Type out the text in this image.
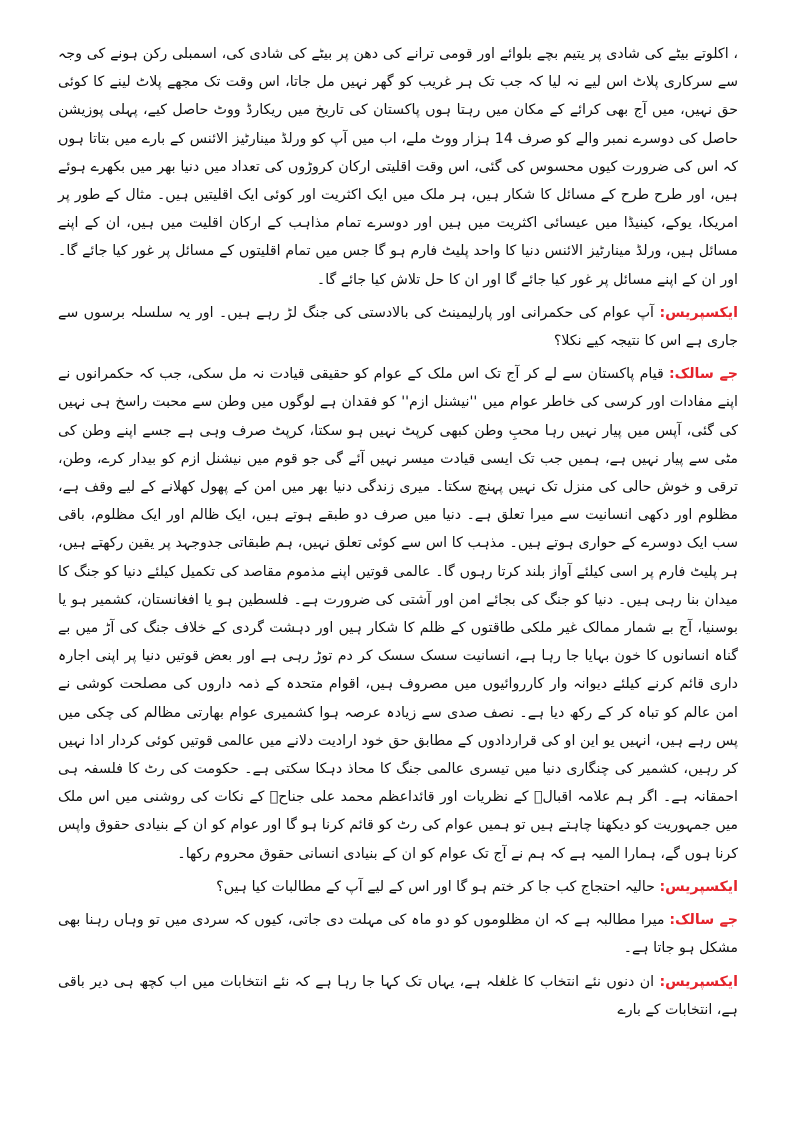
، اکلوتے بیٹے کی شادی پر یتیم بچے بلوائے اور قومی ترانے کی دھن پر بیٹے کی شادی کی، اسمبلی رکن ہونے کی وجہ سے سرکاری پلاٹ اس لیے نہ لیا کہ جب تک ہر غریب کو گھر نہیں مل جاتا، اس وقت تک مجھے پلاٹ لینے کا کوئی حق نہیں، میں آج بھی کرائے کے مکان میں رہتا ہوں پاکستان کی تاریخ میں ریکارڈ ووٹ حاصل کیے، پہلی پوزیشن حاصل کی دوسرے نمبر والے کو صرف 14 ہزار ووٹ ملے، اب میں آپ کو ورلڈ مینارٹیز الائنس کے بارے میں بتاتا ہوں کہ اس کی ضرورت کیوں محسوس کی گئی، اس وقت اقلیتی ارکان کروڑوں کی تعداد میں دنیا بھر میں بکھرے ہوئے ہیں، اور طرح طرح کے مسائل کا شکار ہیں، ہر ملک میں ایک اکثریت اور کوئی ایک اقلیتیں ہیں۔ مثال کے طور پر امریکا، یوکے، کینیڈا میں عیسائی اکثریت میں ہیں اور دوسرے تمام مذاہب کے ارکان اقلیت میں ہیں، ان کے اپنے مسائل ہیں، ورلڈ مینارٹیز الائنس دنیا کا واحد پلیٹ فارم ہو گا جس میں تمام اقلیتوں کے مسائل پر غور کیا جائے گا۔ اور ان کے اپنے مسائل پر غور کیا جائے گا اور ان کا حل تلاش کیا جائے گا۔

ایکسپریس: آپ عوام کی حکمرانی اور پارلیمینٹ کی بالادستی کی جنگ لڑ رہے ہیں۔ اور یہ سلسلہ برسوں سے جاری ہے اس کا نتیجہ کیے نکلا؟

جے سالک: قیام پاکستان سے لے کر آج تک اس ملک کے عوام کو حقیقی قیادت نہ مل سکی، جب کہ حکمرانوں نے اپنے مفادات اور کرسی کی خاطر عوام میں ''نیشنل ازم'' کو فقدان ہے لوگوں میں وطن سے محبت راسخ ہی نہیں کی گئی، آپس میں پیار نہیں رہا محبِ وطن کبھی کرپٹ نہیں ہو سکتا، کرپٹ صرف وہی ہے جسے اپنے وطن کی مٹی سے پیار نہیں ہے، ہمیں جب تک ایسی قیادت میسر نہیں آئے گی جو قوم میں نیشنل ازم کو بیدار کرے، وطن، ترقی و خوش حالی کی منزل تک نہیں پہنچ سکتا۔ میری زندگی دنیا بھر میں امن کے پھول کھلانے کے لیے وقف ہے، مظلوم اور دکھی انسانیت سے میرا تعلق ہے۔ دنیا میں صرف دو طبقے ہوتے ہیں، ایک ظالم اور ایک مظلوم، باقی سب ایک دوسرے کے حواری ہوتے ہیں۔ مذہب کا اس سے کوئی تعلق نہیں، ہم طبقاتی جدوجہد پر یقین رکھتے ہیں، ہر پلیٹ فارم پر اسی کیلئے آواز بلند کرتا رہوں گا۔ عالمی قوتیں اپنے مذموم مقاصد کی تکمیل کیلئے دنیا کو جنگ کا میدان بنا رہی ہیں۔ دنیا کو جنگ کی بجائے امن اور آشتی کی ضرورت ہے۔ فلسطین ہو یا افغانستان، کشمیر ہو یا بوسنیا، آج بے شمار ممالک غیر ملکی طاقتوں کے ظلم کا شکار ہیں اور دہشت گردی کے خلاف جنگ کی آڑ میں بے گناہ انسانوں کا خون بہایا جا رہا ہے، انسانیت سسک سسک کر دم توڑ رہی ہے اور بعض قوتیں دنیا پر اپنی اجارہ داری قائم کرنے کیلئے دیوانہ وار کارروائیوں میں مصروف ہیں، اقوام متحدہ کے ذمہ داروں کی مصلحت کوشی نے امن عالم کو تباہ کر کے رکھ دیا ہے۔ نصف صدی سے زیادہ عرصہ ہوا کشمیری عوام بھارتی مظالم کی چکی میں پس رہے ہیں، انہیں یو این او کی قراردادوں کے مطابق حق خود ارادیت دلانے میں عالمی قوتیں کوئی کردار ادا نہیں کر رہیں، کشمیر کی چنگاری دنیا میں تیسری عالمی جنگ کا محاذ دہکا سکتی ہے۔ حکومت کی رٹ کا فلسفہ ہی احمقانہ ہے۔ اگر ہم علامہ اقبالؒ کے نظریات اور قائداعظم محمد علی جناحؒ کے نکات کی روشنی میں اس ملک میں جمہوریت کو دیکھنا چاہتے ہیں تو ہمیں عوام کی رٹ کو قائم کرنا ہو گا اور عوام کو ان کے بنیادی حقوق واپس کرنا ہوں گے، ہمارا المیہ ہے کہ ہم نے آج تک عوام کو ان کے بنیادی انسانی حقوق محروم رکھا۔

ایکسپریس: حالیہ احتجاج کب جا کر ختم ہو گا اور اس کے لیے آپ کے مطالبات کیا ہیں؟

جے سالک: میرا مطالبہ ہے کہ ان مظلوموں کو دو ماہ کی مہلت دی جاتی، کیوں کہ سردی میں تو وہاں رہنا بھی مشکل ہو جاتا ہے۔

ایکسپریس: ان دنوں نئے انتخاب کا غلغلہ ہے، یہاں تک کہا جا رہا ہے کہ نئے انتخابات میں اب کچھ ہی دیر باقی ہے، انتخابات کے بارے
